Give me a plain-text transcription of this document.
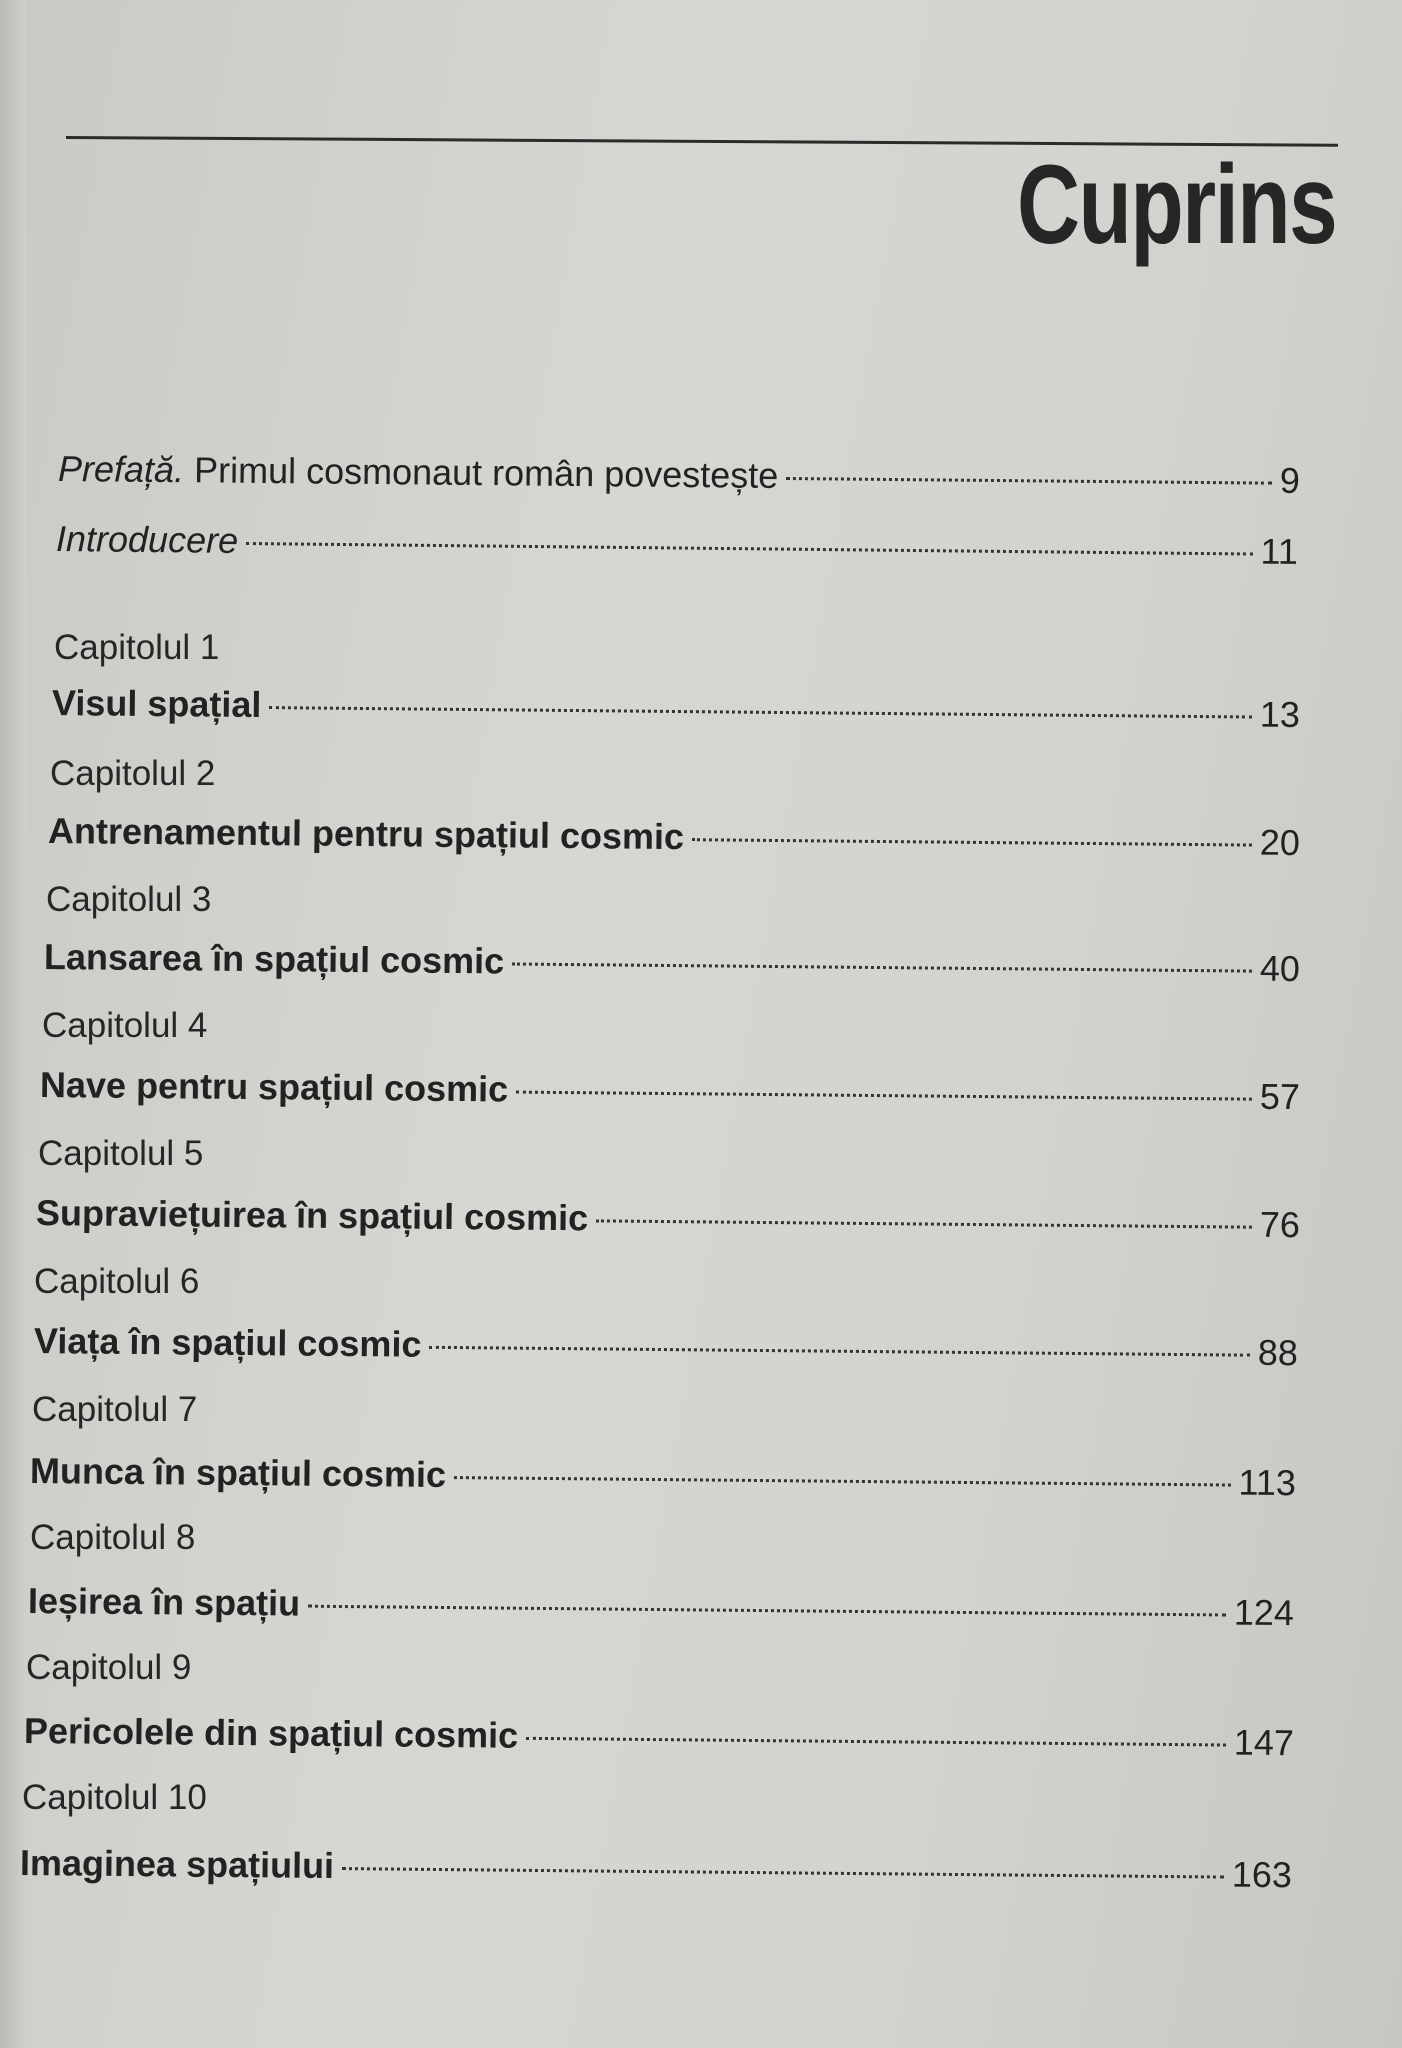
Cuprins
Prefață. Primul cosmonaut român povestește	9
Introducere	11
Capitolul 1
Visul spațial	13
Capitolul 2
Antrenamentul pentru spațiul cosmic	20
Capitolul 3
Lansarea în spațiul cosmic	40
Capitolul 4
Nave pentru spațiul cosmic	57
Capitolul 5
Supraviețuirea în spațiul cosmic	76
Capitolul 6
Viața în spațiul cosmic	88
Capitolul 7
Munca în spațiul cosmic	113
Capitolul 8
Ieșirea în spațiu	124
Capitolul 9
Pericolele din spațiul cosmic	147
Capitolul 10
Imaginea spațiului	163
